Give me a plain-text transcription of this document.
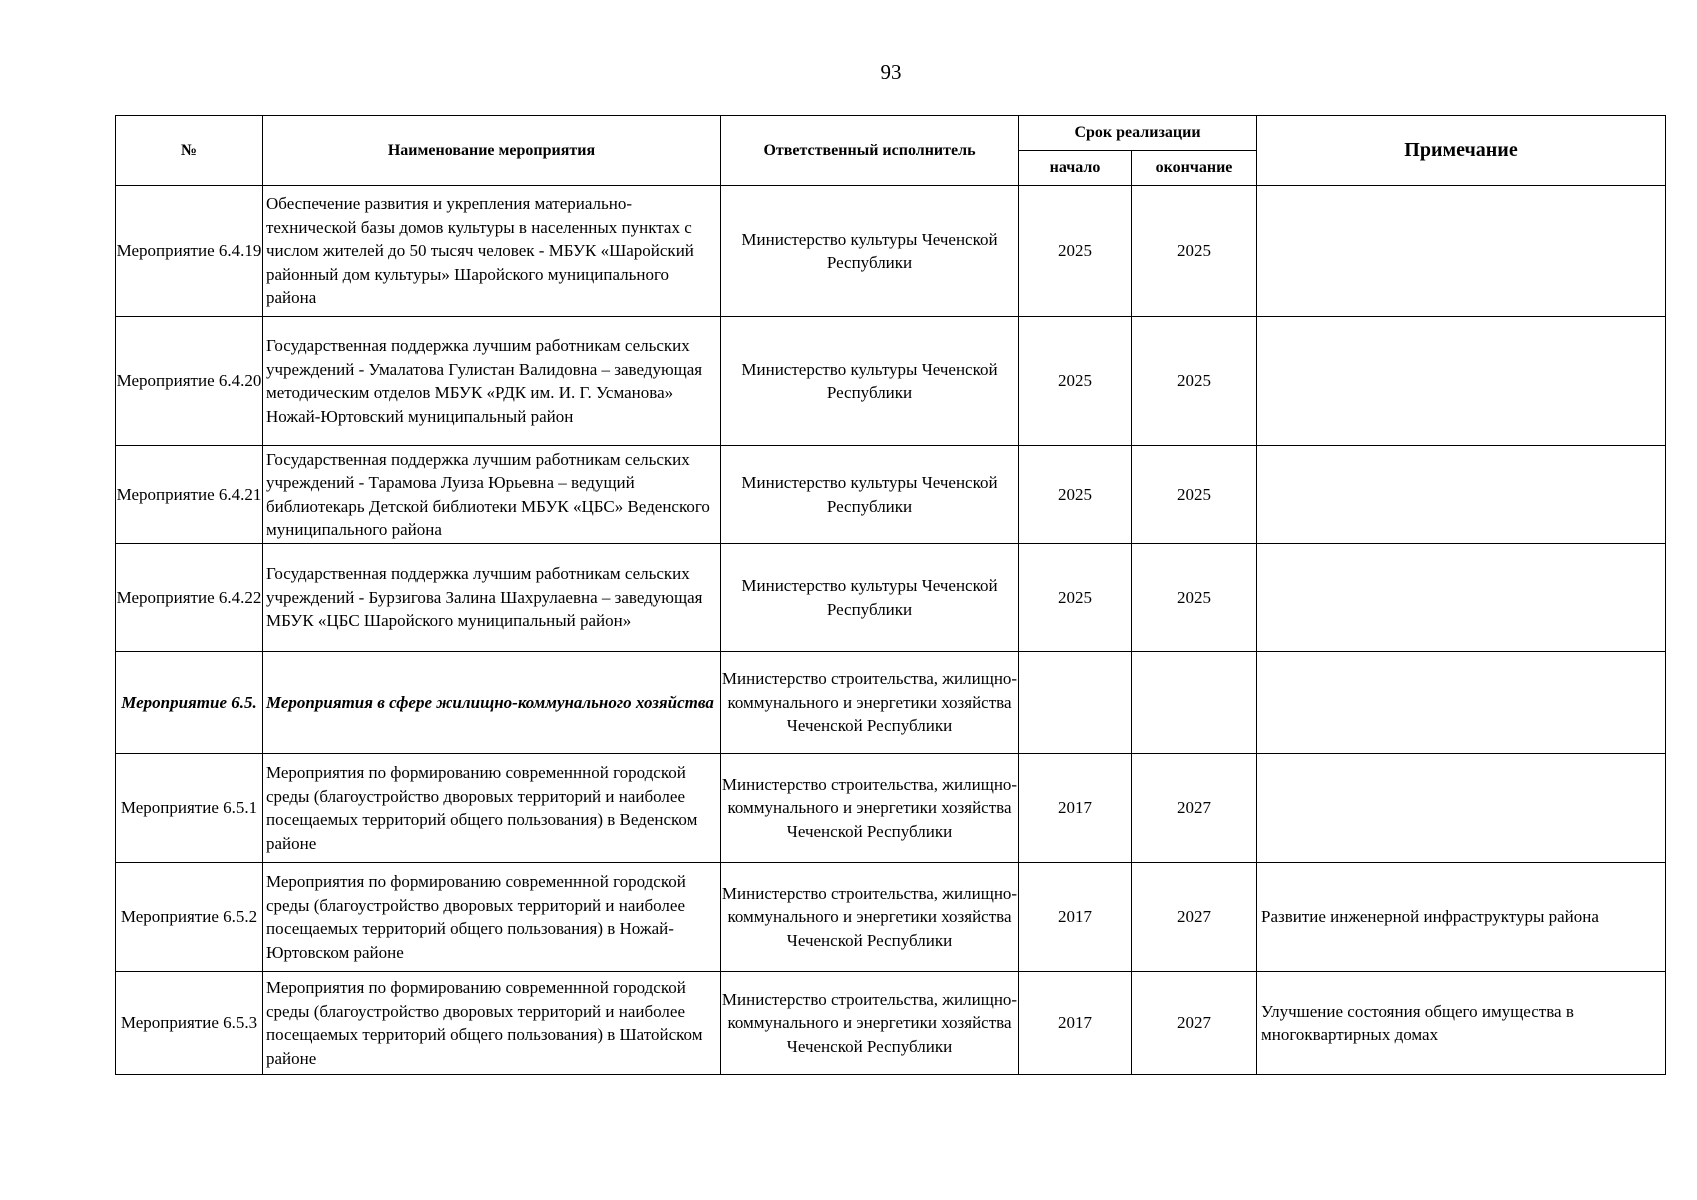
93
№	Наименование мероприятия	Ответственный исполнитель	Срок реализации		Примечание
			начало	окончание	
Мероприятие 6.4.19	Обеспечение развития и укрепления материально-технической базы домов культуры в населенных пунктах с числом жителей до 50 тысяч человек - МБУК «Шаройский районный дом культуры» Шаройского муниципального района	Министерство культуры Чеченской Республики	2025	2025	
Мероприятие 6.4.20	Государственная поддержка лучшим работникам сельских учреждений - Умалатова Гулистан Валидовна – заведующая методическим отделов МБУК «РДК им. И. Г. Усманова» Ножай-Юртовский муниципальный район	Министерство культуры Чеченской Республики	2025	2025	
Мероприятие 6.4.21	Государственная поддержка лучшим работникам сельских учреждений - Тарамова Луиза Юрьевна – ведущий библиотекарь Детской библиотеки МБУК «ЦБС» Веденского муниципального района	Министерство культуры Чеченской Республики	2025	2025	
Мероприятие 6.4.22	Государственная поддержка лучшим работникам сельских учреждений - Бурзигова Залина Шахрулаевна – заведующая МБУК «ЦБС Шаройского муниципальный район»	Министерство культуры Чеченской Республики	2025	2025	
Мероприятие 6.5.	Мероприятия в сфере жилищно-коммунального хозяйства	Министерство строительства, жилищно-коммунального и энергетики хозяйства Чеченской Республики			
Мероприятие 6.5.1	Мероприятия по формированию современнной городской среды (благоустройство дворовых территорий и наиболее посещаемых территорий общего пользования) в Веденском районе	Министерство строительства, жилищно-коммунального и энергетики хозяйства Чеченской Республики	2017	2027	
Мероприятие 6.5.2	Мероприятия по формированию современнной городской среды (благоустройство дворовых территорий и наиболее посещаемых территорий общего пользования) в Ножай-Юртовском районе	Министерство строительства, жилищно-коммунального и энергетики хозяйства Чеченской Республики	2017	2027	Развитие инженерной инфраструктуры района
Мероприятие 6.5.3	Мероприятия по формированию современнной городской среды (благоустройство дворовых территорий и наиболее посещаемых территорий общего пользования) в Шатойском районе	Министерство строительства, жилищно-коммунального и энергетики хозяйства Чеченской Республики	2017	2027	Улучшение состояния общего имущества в многоквартирных домах
